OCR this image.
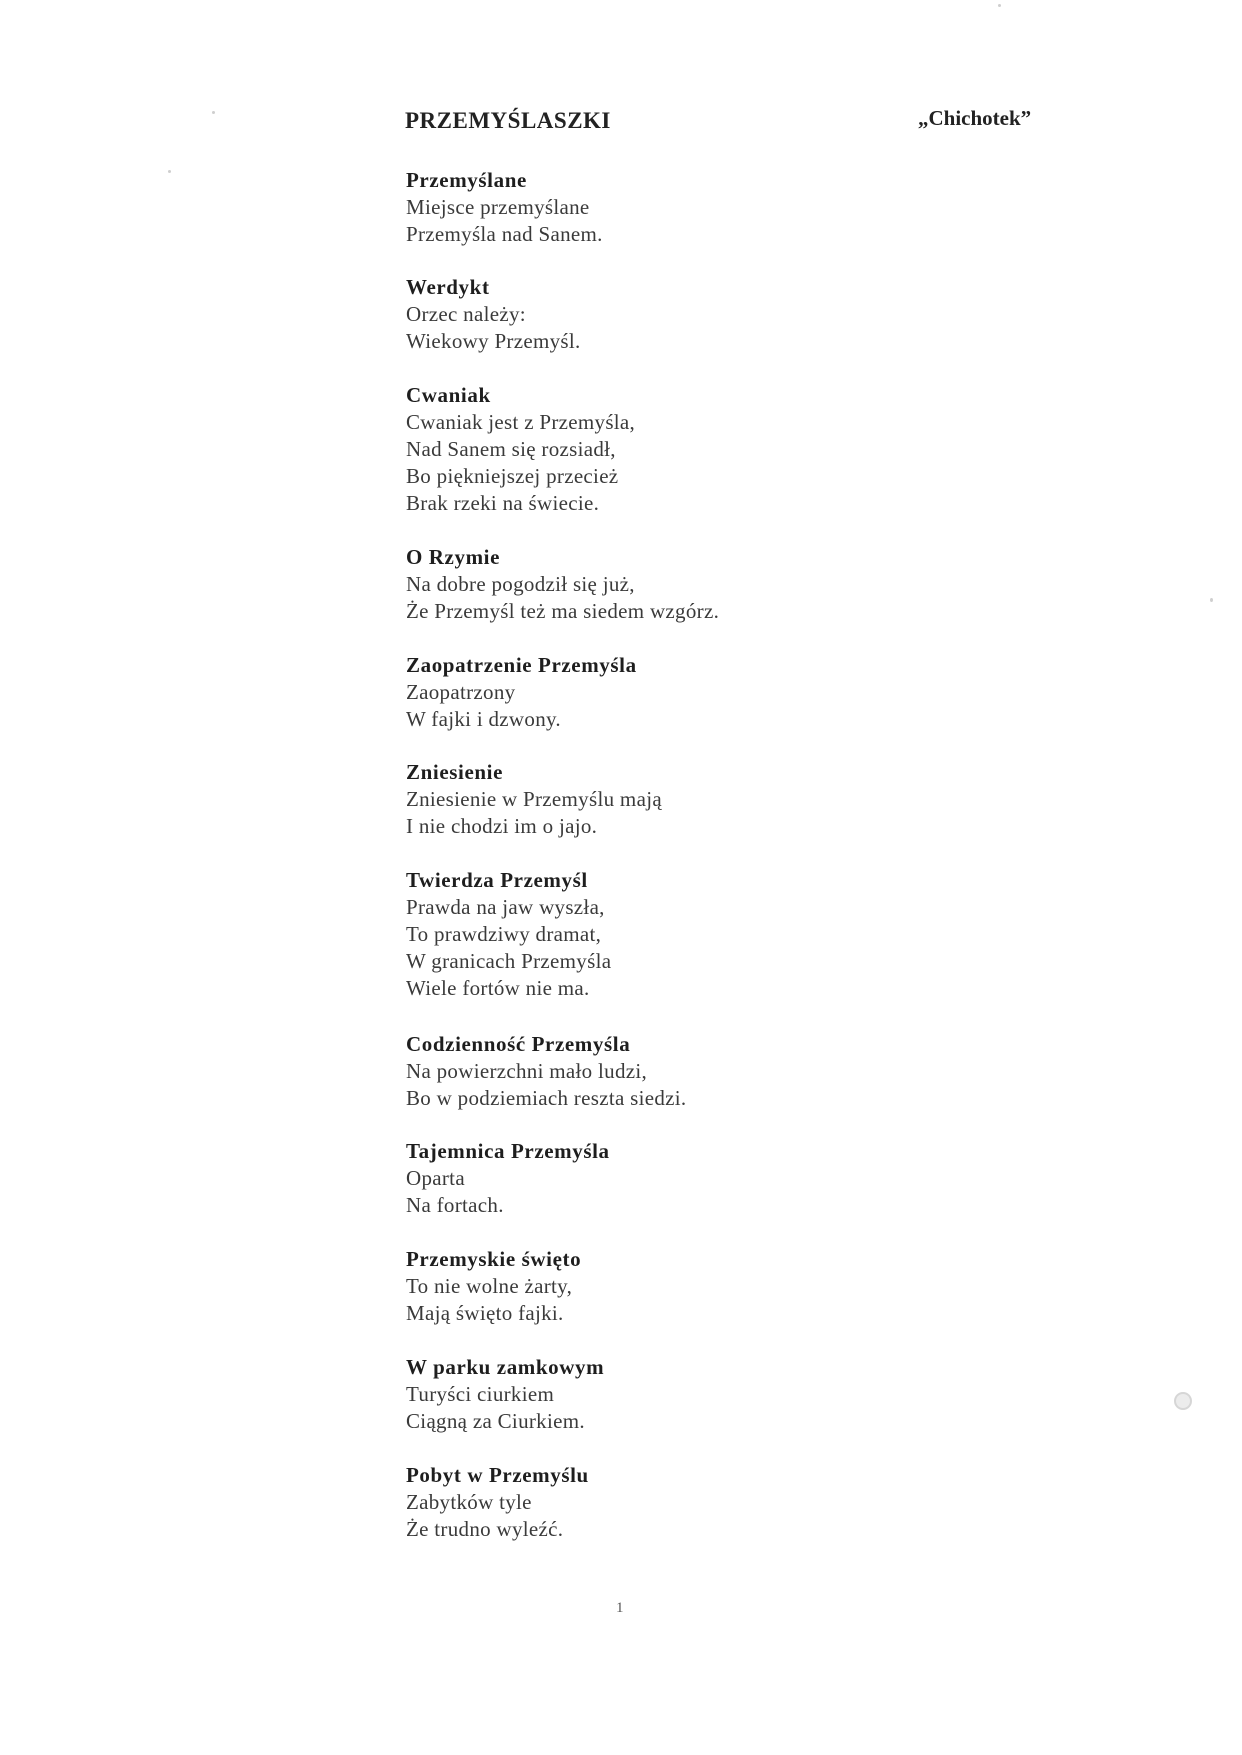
PRZEMYŚLASZKI	„Chichotek”

Przemyślane

Miejsce przemyślane

Przemyśla nad Sanem.

Werdykt

Orzec należy:

Wiekowy Przemyśl.

Cwaniak

Cwaniak jest z Przemyśla,

Nad Sanem się rozsiadł,

Bo piękniejszej przecież

Brak rzeki na świecie.

O Rzymie

Na dobre pogodził się już,

Że Przemyśl też ma siedem wzgórz.

Zaopatrzenie Przemyśla

Zaopatrzony

W fajki i dzwony.

Zniesienie

Zniesienie w Przemyślu mają

I nie chodzi im o jajo.

Twierdza Przemyśl

Prawda na jaw wyszła,

To prawdziwy dramat,

W granicach Przemyśla

Wiele fortów nie ma.

Codzienność Przemyśla

Na powierzchni mało ludzi,

Bo w podziemiach reszta siedzi.

Tajemnica Przemyśla

Oparta

Na fortach.

Przemyskie święto

To nie wolne żarty,

Mają święto fajki.

W parku zamkowym

Turyści ciurkiem

Ciągną za Ciurkiem.

Pobyt w Przemyślu

Zabytków tyle

Że trudno wyleźć.

1
